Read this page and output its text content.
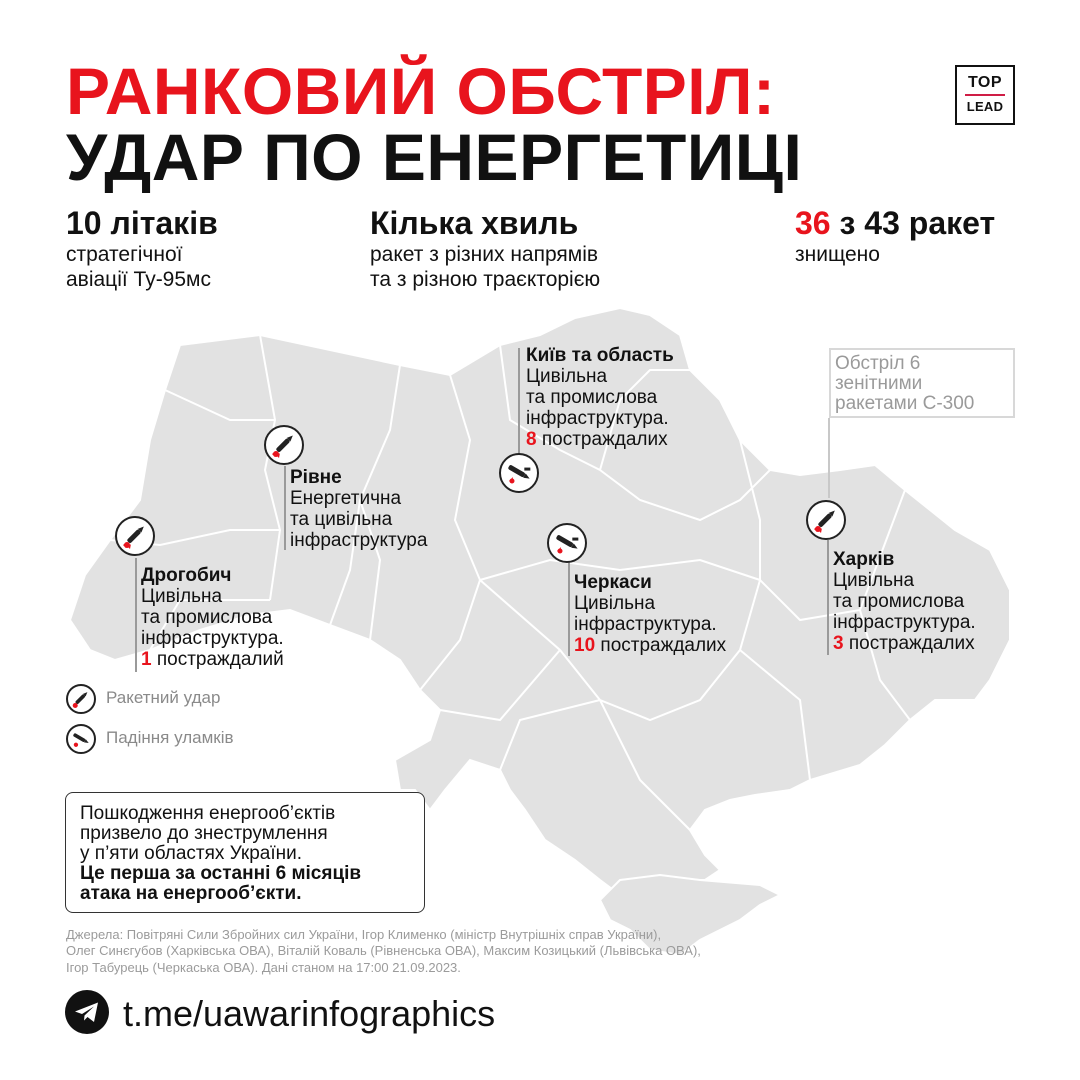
РАНКОВИЙ ОБСТРІЛ:
УДАР ПО ЕНЕРГЕТИЦІ
TOP
LEAD
10 літаків
стратегічної
авіації Ту-95мс
Кілька хвиль
ракет з різних напрямів
та з різною траєкторією
36 з 43 ракет
знищено
Обстріл 6
зенітними
ракетами С-300
Київ та область
Цивільна
та промислова
інфраструктура.
8 постраждалих
Рівне
Енергетична
та цивільна
інфраструктура
Дрогобич
Цивільна
та промислова
інфраструктура.
1 постраждалий
Черкаси
Цивільна
інфраструктура.
10 постраждалих
Харків
Цивільна
та промислова
інфраструктура.
3 постраждалих
Ракетний удар
Падіння уламків
Пошкодження енергооб’єктів
призвело до знеструмлення
у п’яти областях України.
Це перша за останні 6 місяців
атака на енергооб’єкти.
Джерела: Повітряні Сили Збройних сил України, Ігор Клименко (міністр Внутрішніх справ України),
Олег Синєгубов (Харківська ОВА), Віталій Коваль (Рівненська ОВА), Максим Козицький (Львівська ОВА),
Ігор Табурець (Черкаська ОВА). Дані станом на 17:00 21.09.2023.
t.me/uawarinfographics
